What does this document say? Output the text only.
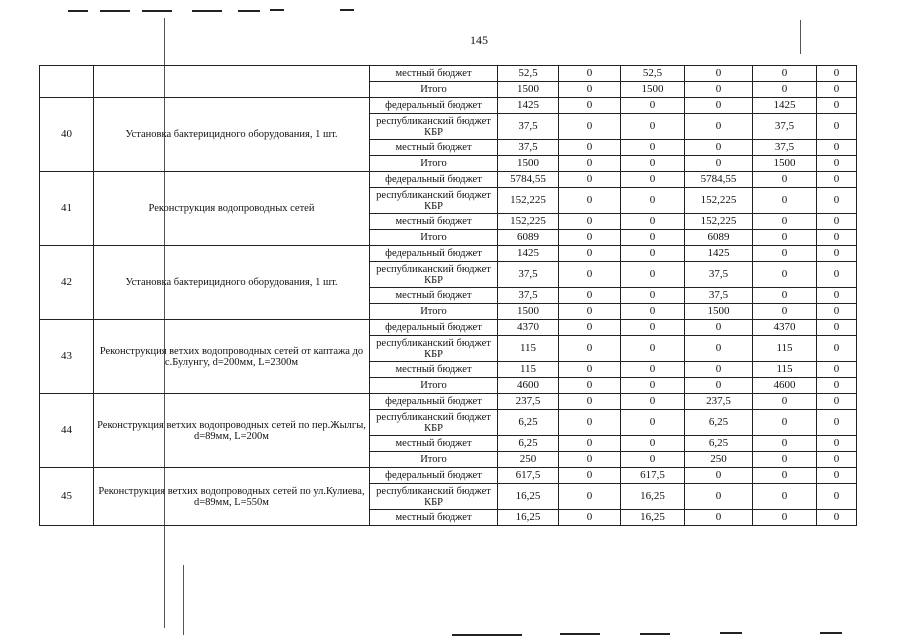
145
		местный бюджет	52,5	0	52,5	0	0	0
		Итого	1500	0	1500	0	0	0
40	Установка бактерицидного оборудования, 1 шт.	федеральный бюджет	1425	0	0	0	1425	0
		республиканский бюджет КБР	37,5	0	0	0	37,5	0
		местный бюджет	37,5	0	0	0	37,5	0
		Итого	1500	0	0	0	1500	0
41	Реконструкция водопроводных сетей	федеральный бюджет	5784,55	0	0	5784,55	0	0
		республиканский бюджет КБР	152,225	0	0	152,225	0	0
		местный бюджет	152,225	0	0	152,225	0	0
		Итого	6089	0	0	6089	0	0
42	Установка бактерицидного оборудования, 1 шт.	федеральный бюджет	1425	0	0	1425	0	0
		республиканский бюджет КБР	37,5	0	0	37,5	0	0
		местный бюджет	37,5	0	0	37,5	0	0
		Итого	1500	0	0	1500	0	0
43	Реконструкция ветхих водопроводных сетей от каптажа до с.Булунгу, d=200мм, L=2300м	федеральный бюджет	4370	0	0	0	4370	0
		республиканский бюджет КБР	115	0	0	0	115	0
		местный бюджет	115	0	0	0	115	0
		Итого	4600	0	0	0	4600	0
44	Реконструкция ветхих водопроводных сетей по пер.Жылгы, d=89мм, L=200м	федеральный бюджет	237,5	0	0	237,5	0	0
		республиканский бюджет КБР	6,25	0	0	6,25	0	0
		местный бюджет	6,25	0	0	6,25	0	0
		Итого	250	0	0	250	0	0
45	Реконструкция ветхих водопроводных сетей по ул.Кулиева, d=89мм, L=550м	федеральный бюджет	617,5	0	617,5	0	0	0
		республиканский бюджет КБР	16,25	0	16,25	0	0	0
		местный бюджет	16,25	0	16,25	0	0	0
